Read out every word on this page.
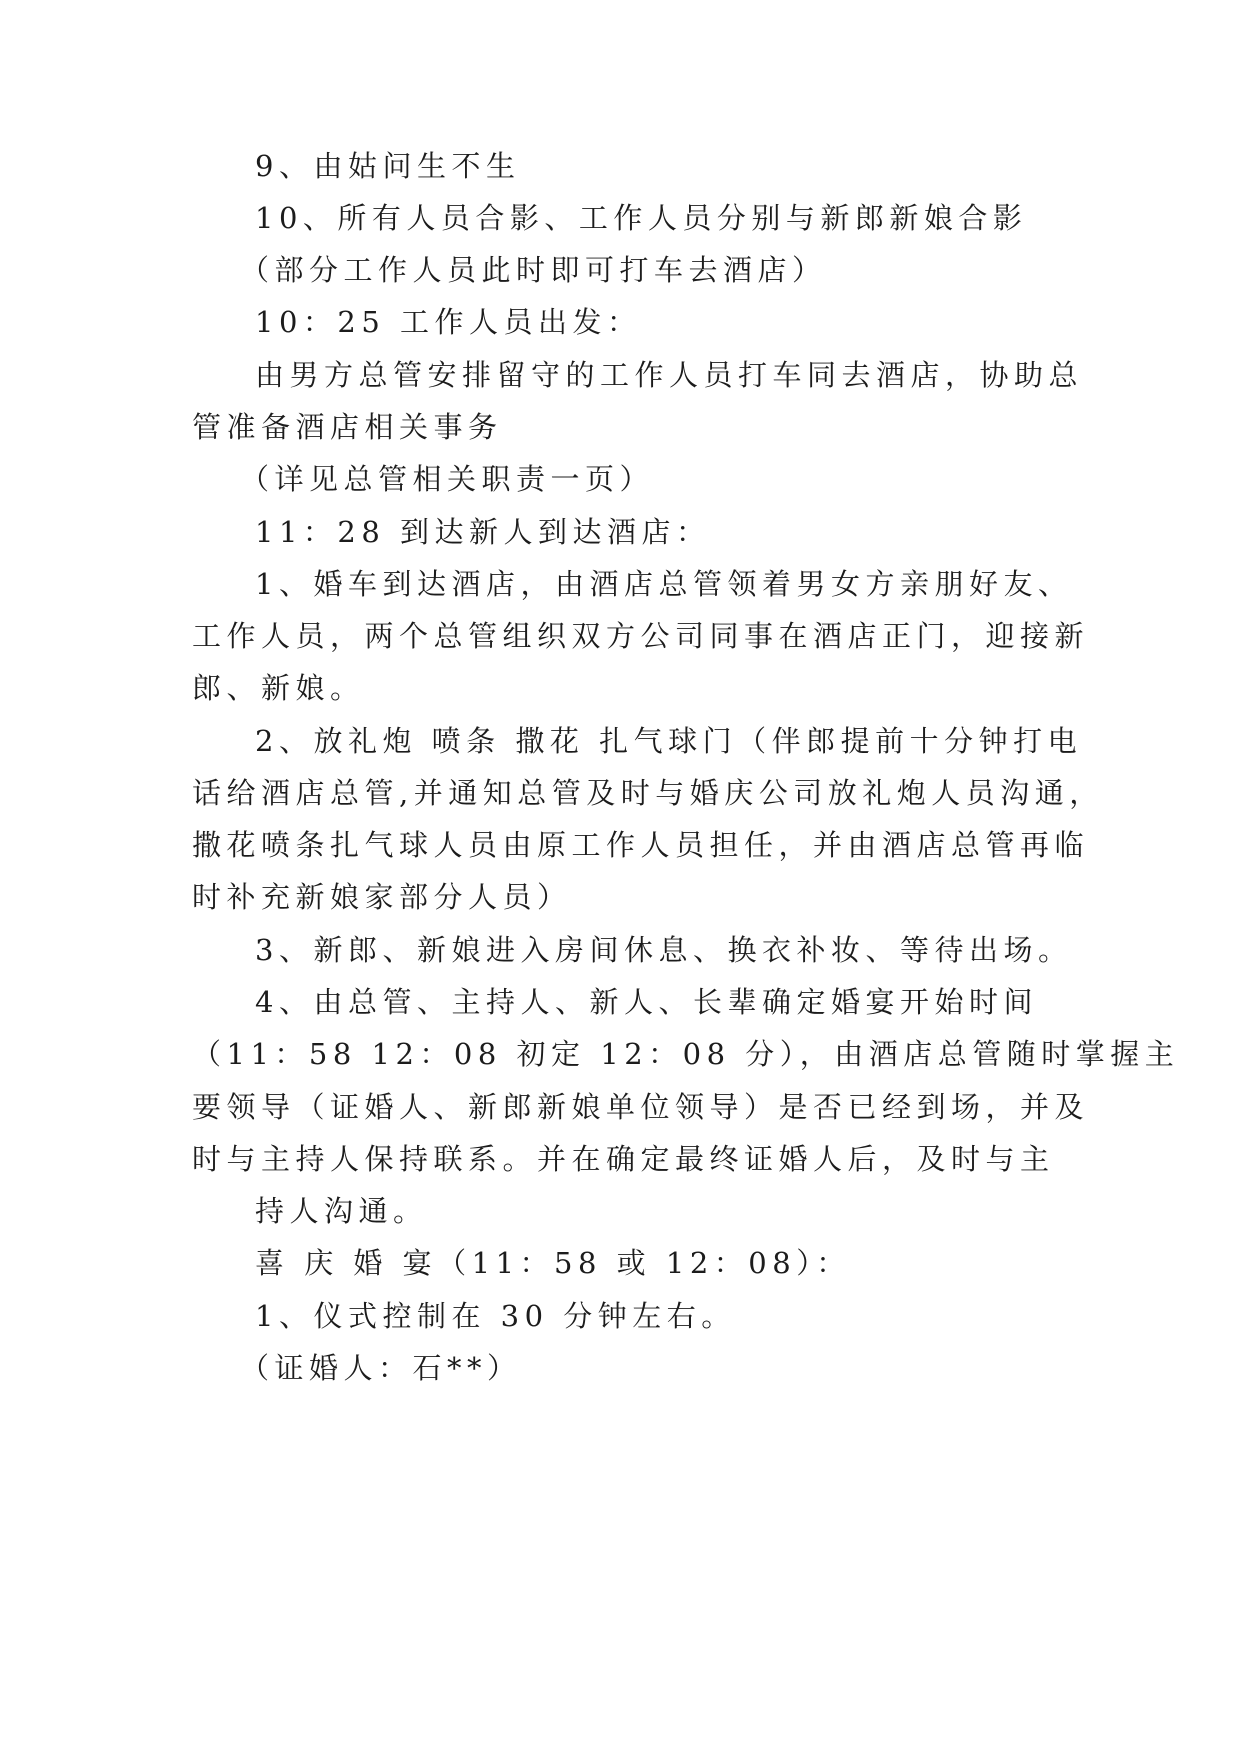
9、由姑问生不生
10、所有人员合影、工作人员分别与新郎新娘合影
（部分工作人员此时即可打车去酒店）
10：25 工作人员出发：
由男方总管安排留守的工作人员打车同去酒店，协助总
管准备酒店相关事务
（详见总管相关职责一页）
11：28 到达新人到达酒店：
1、婚车到达酒店，由酒店总管领着男女方亲朋好友、
工作人员，两个总管组织双方公司同事在酒店正门，迎接新
郎、新娘。
2、放礼炮 喷条 撒花 扎气球门（伴郎提前十分钟打电
话给酒店总管,并通知总管及时与婚庆公司放礼炮人员沟通，
撒花喷条扎气球人员由原工作人员担任，并由酒店总管再临
时补充新娘家部分人员）
3、新郎、新娘进入房间休息、换衣补妆、等待出场。
4、由总管、主持人、新人、长辈确定婚宴开始时间
（11：58 12：08 初定 12：08 分），由酒店总管随时掌握主
要领导（证婚人、新郎新娘单位领导）是否已经到场，并及
时与主持人保持联系。并在确定最终证婚人后，及时与主
持人沟通。
喜 庆 婚 宴（11：58 或 12：08）：
1、仪式控制在 30 分钟左右。
（证婚人：石**）
